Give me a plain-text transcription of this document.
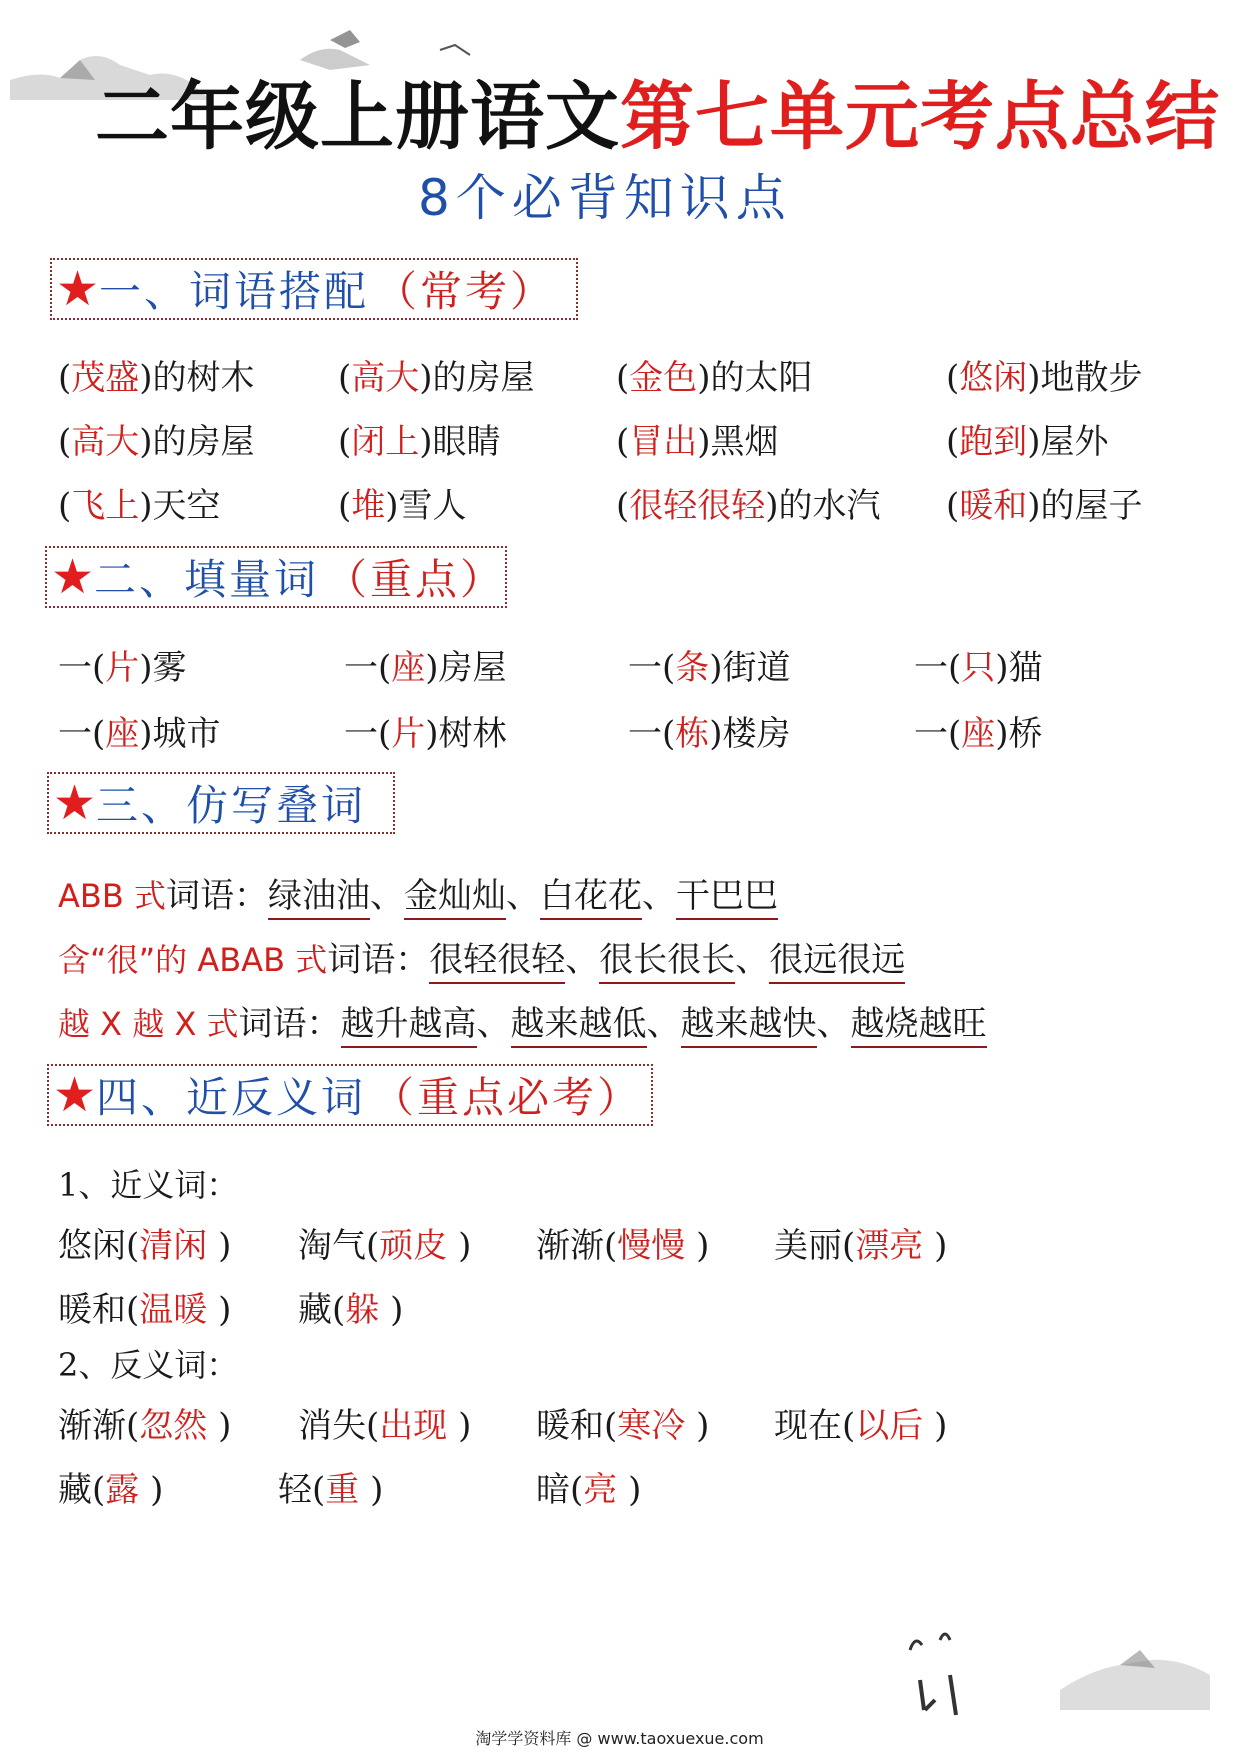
二年级上册语文第七单元考点总结
8个必背知识点
★ 一、词语搭配 （常考）
(茂盛)的树木 (高大)的房屋 (金色)的太阳	(悠闲)地散步
(高大)的房屋 (闭上)眼睛	(冒出)黑烟	(跑到)屋外
(飞上)天空	(堆)雪人	(很轻很轻)的水汽 (暖和)的屋子
★ 二、填量词 （重点）
一(片)雾	一(座)房屋	一(条)街道	一(只)猫
一(座)城市	一(片)树林	一(栋)楼房	一(座)桥
★ 三、仿写叠词
ABB 式词语：绿油油、金灿灿、白花花、干巴巴
含“很”的 ABAB 式词语：很轻很轻、很长很长、很远很远
越 X 越 X 式词语：越升越高、越来越低、越来越快、越烧越旺
★ 四、近反义词 （重点必考）
1、近义词：
悠闲(清闲 ) 淘气(顽皮 ) 渐渐(慢慢 ) 美丽(漂亮 )
暖和(温暖 ) 藏(躲 )
2、反义词：
渐渐(忽然 ) 消失(出现 ) 暖和(寒冷 ) 现在(以后 )
藏(露 )	轻(重 )	暗(亮 )
淘学学资料库 @ www.taoxuexue.com
